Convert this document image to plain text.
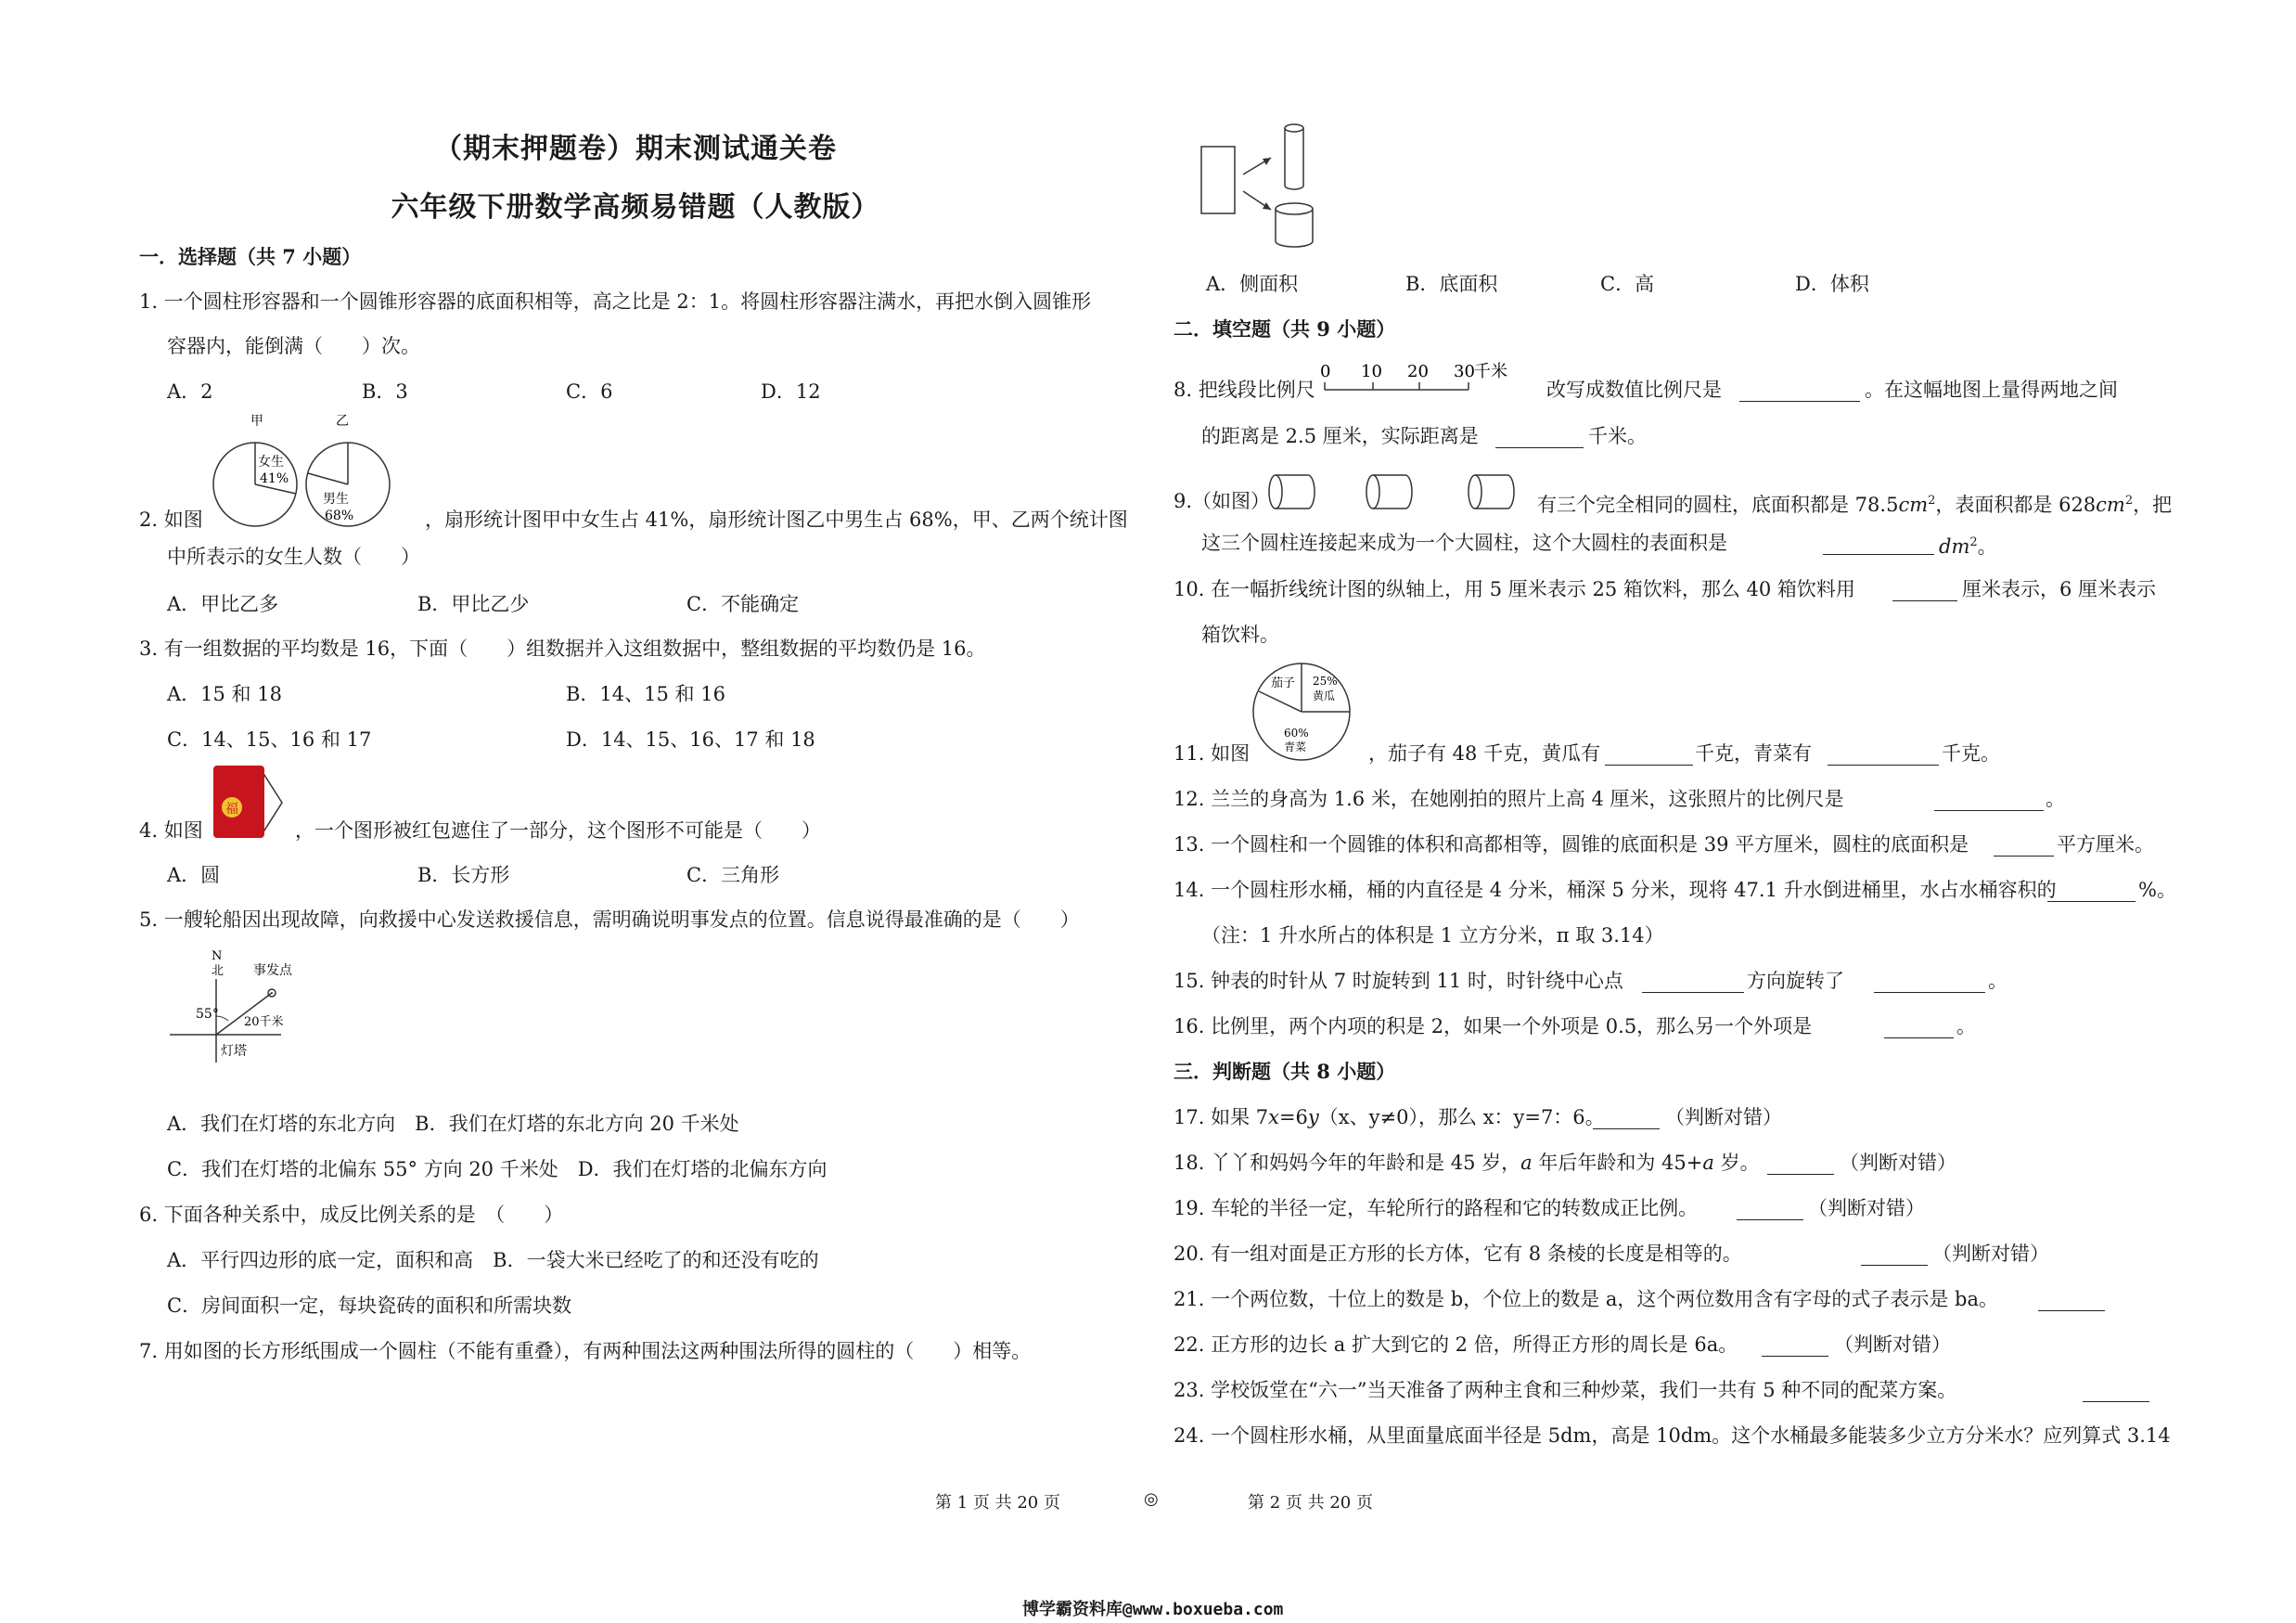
（期末押题卷）期末测试通关卷
六年级下册数学高频易错题（人教版）
一．选择题（共 7 小题）
1. 一个圆柱形容器和一个圆锥形容器的底面积相等，高之比是 2：1。将圆柱形容器注满水，再把水倒入圆锥形
容器内，能倒满（　　）次。
A．2	B．3	C．6	D．12
甲
女生
41%
乙
男生
68%
2. 如图	，扇形统计图甲中女生占 41%，扇形统计图乙中男生占 68%，甲、乙两个统计图
中所表示的女生人数（　　）
A．甲比乙多	B．甲比乙少	C．不能确定
3. 有一组数据的平均数是 16，下面（　　）组数据并入这组数据中，整组数据的平均数仍是 16。
A．15 和 18	B．14、15 和 16
C．14、15、16 和 17	D．14、15、16、17 和 18
福
4. 如图	，一个图形被红包遮住了一部分，这个图形不可能是（　　）
A．圆	B．长方形	C．三角形
5. 一艘轮船因出现故障，向救援中心发送救援信息，需明确说明事发点的位置。信息说得最准确的是（　　）
N
北 事发点
55°
20千米
灯塔
A．我们在灯塔的东北方向　B．我们在灯塔的东北方向 20 千米处
C．我们在灯塔的北偏东 55° 方向 20 千米处　D．我们在灯塔的北偏东方向
6. 下面各种关系中，成反比例关系的是　（　　）
A．平行四边形的底一定，面积和高　B．一袋大米已经吃了的和还没有吃的
C．房间面积一定，每块瓷砖的面积和所需块数
7. 用如图的长方形纸围成一个圆柱（不能有重叠），有两种围法这两种围法所得的圆柱的（　　）相等。
A．侧面积	B．底面积	C．高	D．体积
二．填空题（共 9 小题）
0 10 20 30 千米
8. 把线段比例尺	改写成数值比例尺是	。在这幅地图上量得两地之间
的距离是 2.5 厘米，实际距离是	千米。
9.（如图）	有三个完全相同的圆柱，底面积都是 $78.5cm^2$，表面积都是 $628cm^2$，把
这三个圆柱连接起来成为一个大圆柱，这个大圆柱的表面积是	$dm^2$。
10. 在一幅折线统计图的纵轴上，用 5 厘米表示 25 箱饮料，那么 40 箱饮料用	厘米表示，6 厘米表示
箱饮料。
茄子 25%
黄瓜
60%
青菜
11. 如图	，茄子有 48 千克，黄瓜有	千克，青菜有	千克。
12. 兰兰的身高为 1.6 米，在她刚拍的照片上高 4 厘米，这张照片的比例尺是	。
13. 一个圆柱和一个圆锥的体积和高都相等，圆锥的底面积是 39 平方厘米，圆柱的底面积是	平方厘米。
14. 一个圆柱形水桶，桶的内直径是 4 分米，桶深 5 分米，现将 47.1 升水倒进桶里，水占水桶容积的	%。
（注：1 升水所占的体积是 1 立方分米，π 取 3.14）
15. 钟表的时针从 7 时旋转到 11 时，时针绕中心点	方向旋转了	。
16. 比例里，两个内项的积是 2，如果一个外项是 0.5，那么另一个外项是	。
三．判断题（共 8 小题）
17. 如果 7x=6y（x、y≠0），那么 x：y=7：6。	（判断对错）
18. 丫丫和妈妈今年的年龄和是 45 岁，a 年后年龄和为 45+a 岁。	（判断对错）
19. 车轮的半径一定，车轮所行的路程和它的转数成正比例。	（判断对错）
20. 有一组对面是正方形的长方体，它有 8 条棱的长度是相等的。	（判断对错）
21. 一个两位数，十位上的数是 b，个位上的数是 a，这个两位数用含有字母的式子表示是 ba。
22. 正方形的边长 a 扩大到它的 2 倍，所得正方形的周长是 6a。	（判断对错）
23. 学校饭堂在“六一”当天准备了两种主食和三种炒菜，我们一共有 5 种不同的配菜方案。
24. 一个圆柱形水桶，从里面量底面半径是 5dm，高是 10dm。这个水桶最多能装多少立方分米水？应列算式 3.14
第 1 页 共 20 页	◎	第 2 页 共 20 页
博学霸资料库@www.boxueba.com
